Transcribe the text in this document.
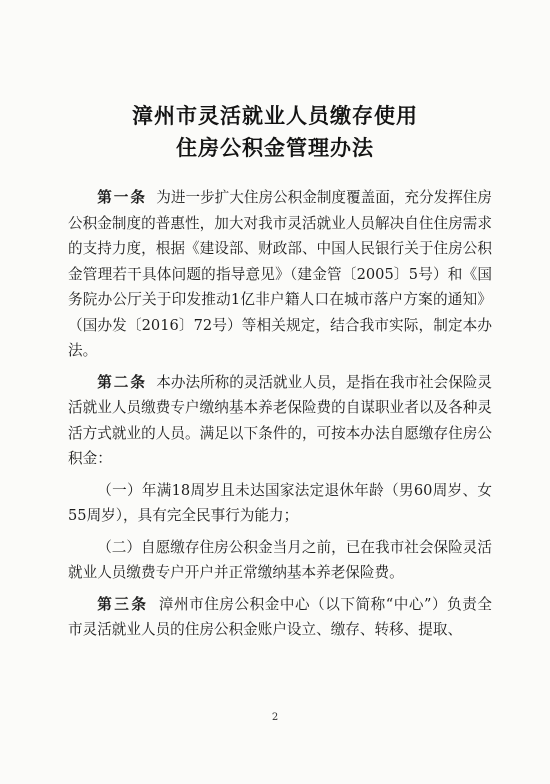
漳州市灵活就业人员缴存使用
住房公积金管理办法

第一条 为进一步扩大住房公积金制度覆盖面，充分发挥住房公积金制度的普惠性，加大对我市灵活就业人员解决自住住房需求的支持力度，根据《建设部、财政部、中国人民银行关于住房公积金管理若干具体问题的指导意见》（建金管〔2005〕5号）和《国务院办公厅关于印发推动1亿非户籍人口在城市落户方案的通知》（国办发〔2016〕72号）等相关规定，结合我市实际，制定本办法。

第二条 本办法所称的灵活就业人员，是指在我市社会保险灵活就业人员缴费专户缴纳基本养老保险费的自谋职业者以及各种灵活方式就业的人员。满足以下条件的，可按本办法自愿缴存住房公积金：

（一）年满18周岁且未达国家法定退休年龄（男60周岁、女55周岁），具有完全民事行为能力；

（二）自愿缴存住房公积金当月之前，已在我市社会保险灵活就业人员缴费专户开户并正常缴纳基本养老保险费。

第三条 漳州市住房公积金中心（以下简称“中心”）负责全市灵活就业人员的住房公积金账户设立、缴存、转移、提取、

2
